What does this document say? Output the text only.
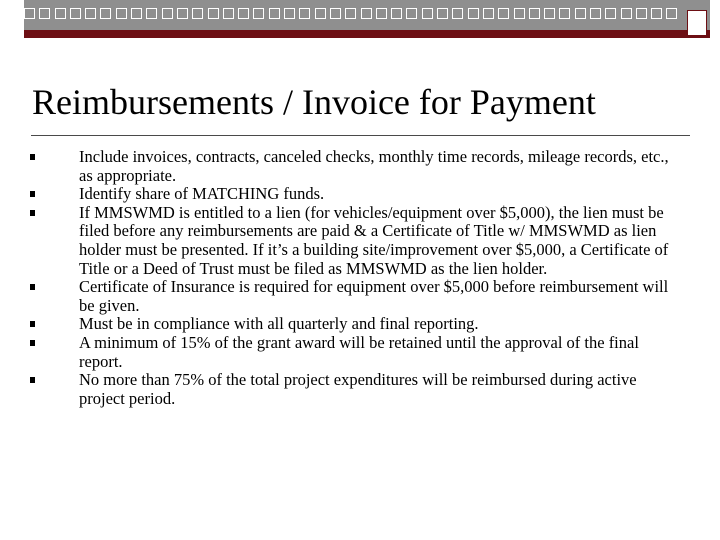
Reimbursements / Invoice for Payment
Include invoices, contracts, canceled checks, monthly time records, mileage records, etc., as appropriate.
Identify share of MATCHING funds.
If MMSWMD is entitled to a lien (for vehicles/equipment over $5,000), the lien must be filed before any reimbursements are paid & a Certificate of Title w/ MMSWMD as lien holder must be presented. If it’s a building site/improvement over $5,000, a Certificate of Title or a Deed of Trust must be filed as MMSWMD as the lien holder.
Certificate of Insurance is required for equipment over $5,000 before reimbursement will be given.
Must be in compliance with all quarterly and final reporting.
A minimum of 15% of the grant award will be retained until the approval of the final report.
No more than 75% of the total project expenditures will be reimbursed during active project period.
